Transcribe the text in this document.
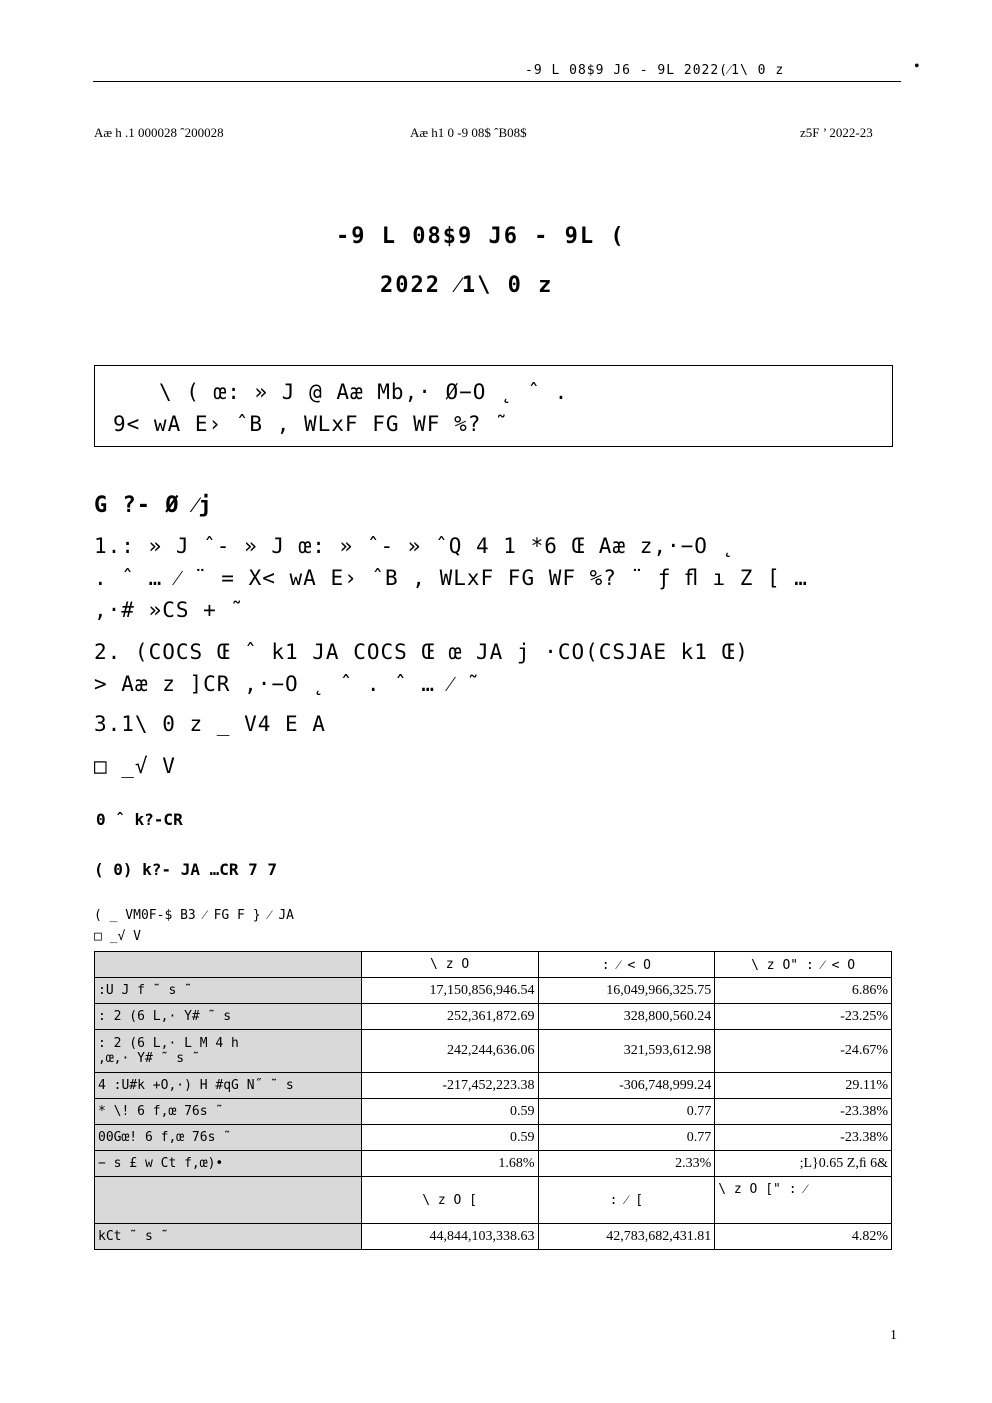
-9 L 08$9 J6 - 9L 2022(⁄1\ 0 z	•
Aæ h .1 000028 ˆ200028	Aæ h1 0 -9 08$ ˆB08$	z5F ’ 2022-23
-9 L 08$9 J6 - 9L (
2022 ⁄1\ 0 z
\ ( œ: » J @ Aæ Mb,· Ø−O ˛ ˆ .
9< wA E› ˆB , WLxF FG WF %? ˜
G ?- Ø ⁄j
1.: » J ˆ- » J œ: » ˆ- » ˆQ 4 1 *6 Œ Aæ z,·−O ˛
. ˆ … ⁄ ¨ = X< wA E› ˆB , WLxF FG WF %? ¨ ƒ ﬂ ı Z [ …
,·# »CS + ˜
2. (COCS Œ ˆ k1 JA COCS Œ œ JA j ·CO(CSJAE k1 Œ)
> Aæ z ]CR ,·−O ˛ ˆ . ˆ … ⁄ ˜
3.1\ 0 z _ V4 E A
□ _√ V
0 ˆ k?-CR
( 0) k?- JA …CR 7 7
( _ VM0F-$ B3 ⁄ FG F } ⁄ JA
□ _√ V
	\ z O	: ⁄ < O	\ z O" : ⁄ < O
:U J f ˜ s ˜	17,150,856,946.54	16,049,966,325.75	6.86%
: 2 (6 L,· Y# ˜ s	252,361,872.69	328,800,560.24	-23.25%

: 2 (6 L,· L M 4 h
,œ,· Y# ˜ s ˜	242,244,636.06	321,593,612.98	-24.67%
4 :U#k +O,·) H #qG N˝ ˜ s	-217,452,223.38	-306,748,999.24	29.11%
* \! 6 f,œ 76s ˜	0.59	0.77	-23.38%
00Gœ! 6 f,œ 76s ˜	0.59	0.77	-23.38%
− s £ w Ct f,œ)•	1.68%	2.33%	;L}0.65 Z,ﬁ 6&
	\ z O [	: ⁄ [	\ z O [" : ⁄
kCt ˜ s ˜	44,844,103,338.63	42,783,682,431.81	4.82%
1
